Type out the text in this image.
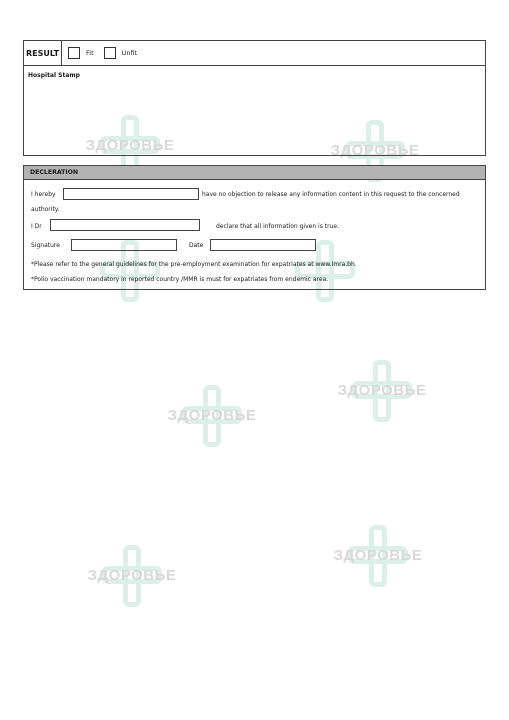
ЗДОРОВЬЕ	ЗДОРОВЬЕ
ЗДОРОВЬЕ
ЗДОРОВЬЕ
ЗДОРОВЬЕ
ЗДОРОВЬЕ
RESULT	Fit	Unfit
Hospital Stamp
DECLERATION
I hereby	have no objection to release any information content in this request to the concerned
authority.
I Dr	declare that all information given is true.
Signature	Date
*Please refer to the general guidelines for the pre-employment examination for expatriates at www.lmra.bh.
*Polio vaccination mandatory in reported country /MMR is must for expatriates from endemic area.
